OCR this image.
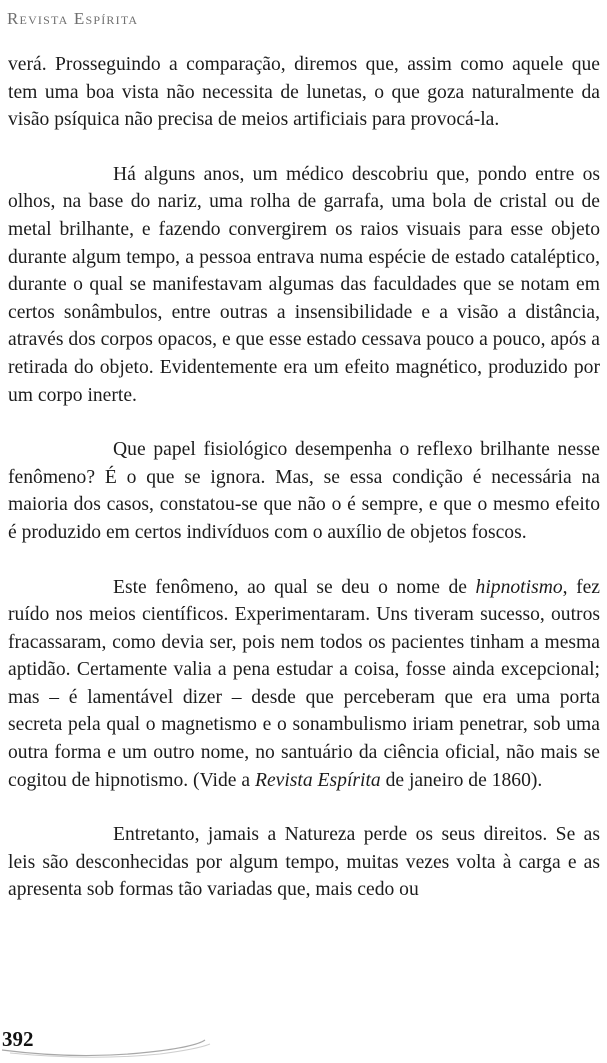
Revista Espírita

verá. Prosseguindo a comparação, diremos que, assim como aquele que tem uma boa vista não necessita de lunetas, o que goza naturalmente da visão psíquica não precisa de meios artificiais para provocá-la.

Há alguns anos, um médico descobriu que, pondo entre os olhos, na base do nariz, uma rolha de garrafa, uma bola de cristal ou de metal brilhante, e fazendo convergirem os raios visuais para esse objeto durante algum tempo, a pessoa entrava numa espécie de estado cataléptico, durante o qual se manifestavam algumas das faculdades que se notam em certos sonâmbulos, entre outras a insensibilidade e a visão a distância, através dos corpos opacos, e que esse estado cessava pouco a pouco, após a retirada do objeto. Evidentemente era um efeito magnético, produzido por um corpo inerte.

Que papel fisiológico desempenha o reflexo brilhante nesse fenômeno? É o que se ignora. Mas, se essa condição é necessária na maioria dos casos, constatou-se que não o é sempre, e que o mesmo efeito é produzido em certos indivíduos com o auxílio de objetos foscos.

Este fenômeno, ao qual se deu o nome de hipnotismo, fez ruído nos meios científicos. Experimentaram. Uns tiveram sucesso, outros fracassaram, como devia ser, pois nem todos os pacientes tinham a mesma aptidão. Certamente valia a pena estudar a coisa, fosse ainda excepcional; mas – é lamentável dizer – desde que perceberam que era uma porta secreta pela qual o magnetismo e o sonambulismo iriam penetrar, sob uma outra forma e um outro nome, no santuário da ciência oficial, não mais se cogitou de hipnotismo. (Vide a Revista Espírita de janeiro de 1860).

Entretanto, jamais a Natureza perde os seus direitos. Se as leis são desconhecidas por algum tempo, muitas vezes volta à carga e as apresenta sob formas tão variadas que, mais cedo ou

392
